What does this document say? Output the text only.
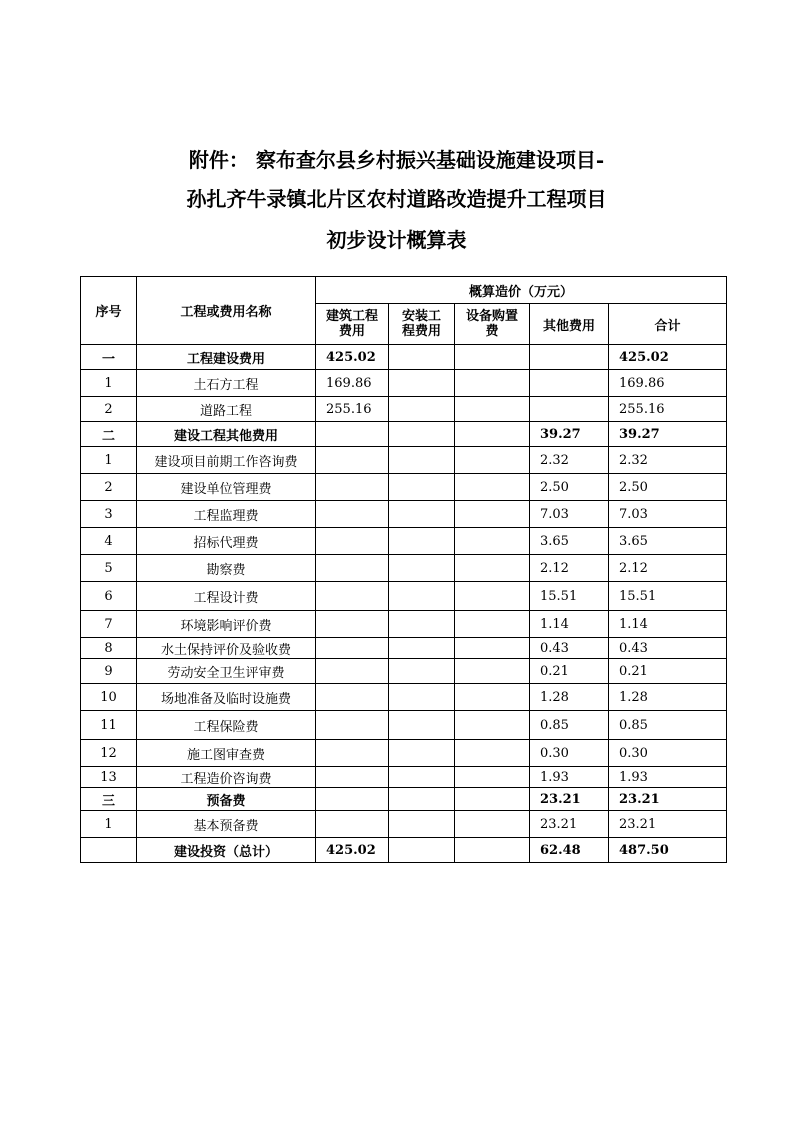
附件： 察布查尔县乡村振兴基础设施建设项目-
孙扎齐牛录镇北片区农村道路改造提升工程项目
初步设计概算表
序号	工程或费用名称	概算造价（万元）				
		建筑工程费用	安装工程费用	设备购置费	其他费用	合计
一	工程建设费用	425.02				425.02
1	土石方工程	169.86				169.86
2	道路工程	255.16				255.16
二	建设工程其他费用				39.27	39.27
1	建设项目前期工作咨询费				2.32	2.32
2	建设单位管理费				2.50	2.50
3	工程监理费				7.03	7.03
4	招标代理费				3.65	3.65
5	勘察费				2.12	2.12
6	工程设计费				15.51	15.51
7	环境影响评价费				1.14	1.14
8	水土保持评价及验收费				0.43	0.43
9	劳动安全卫生评审费				0.21	0.21
10	场地准备及临时设施费				1.28	1.28
11	工程保险费				0.85	0.85
12	施工图审查费				0.30	0.30
13	工程造价咨询费				1.93	1.93
三	预备费				23.21	23.21
1	基本预备费				23.21	23.21
	建设投资（总计）	425.02			62.48	487.50
